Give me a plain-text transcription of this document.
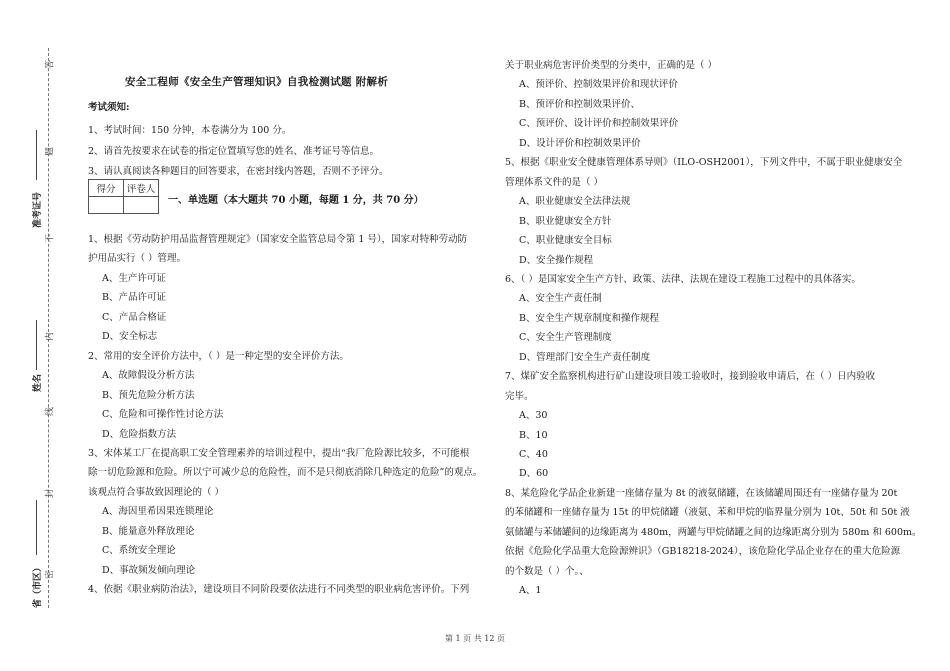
答
题
不
内
线
封
密
准考证号
姓名
省（市区）
安全工程师《安全生产管理知识》自我检测试题 附解析
考试须知:
1、考试时间：150 分钟，本卷满分为 100 分。
2、请首先按要求在试卷的指定位置填写您的姓名、准考证号等信息。
3、请认真阅读各种题目的回答要求，在密封线内答题，否则不予评分。
得分	评卷人

一、单选题（本大题共 70 小题，每题 1 分，共 70 分）
1、根据《劳动防护用品监督管理规定》（国家安全监管总局令第 1 号），国家对特种劳动防
护用品实行（ ）管理。
A、生产许可证
B、产品许可证
C、产品合格证
D、安全标志
2、常用的安全评价方法中，（ ）是一种定型的安全评价方法。
A、故障假设分析方法
B、预先危险分析方法
C、危险和可操作性讨论方法
D、危险指数方法
3、宋体某工厂在提高职工安全管理素养的培训过程中，提出“我厂危险源比较多，不可能根
除一切危险源和危险。所以宁可减少总的危险性，而不是只彻底消除几种选定的危险”的观点。
该观点符合事故致因理论的（ ）
A、海因里希因果连锁理论
B、能量意外释放理论
C、系统安全理论
D、事故频发倾向理论
4、依据《职业病防治法》，建设项目不同阶段要依法进行不同类型的职业病危害评价。下列
关于职业病危害评价类型的分类中，正确的是（ ）
A、预评价、控制效果评价和现状评价
B、预评价和控制效果评价、
C、预评价、设计评价和控制效果评价
D、设计评价和控制效果评价
5、根据《职业安全健康管理体系导则》（ILO-OSH2001），下列文件中，不属于职业健康安全
管理体系文件的是（ ）
A、职业健康安全法律法规
B、职业健康安全方针
C、职业健康安全目标
D、安全操作规程
6、（ ）是国家安全生产方针、政策、法律、法规在建设工程施工过程中的具体落实。
A、安全生产责任制
B、安全生产规章制度和操作规程
C、安全生产管理制度
D、管理部门安全生产责任制度
7、煤矿安全监察机构进行矿山建设项目竣工验收时，接到验收申请后，在（ ）日内验收
完毕。
A、30
B、10
C、40
D、60
8、某危险化学品企业新建一座储存量为 8t 的液氨储罐，在该储罐周围还有一座储存量为 20t
的苯储罐和一座储存量为 15t 的甲烷储罐（液氨、苯和甲烷的临界量分别为 10t、50t 和 50t 液
氨储罐与苯储罐间的边缘距离为 480m，两罐与甲烷储罐之间的边缘距离分别为 580m 和 600m。
依据《危险化学品重大危险源辨识》（GB18218-2024），该危险化学品企业存在的重大危险源
的个数是（ ）个。、
A、1
第 1 页 共 12 页
